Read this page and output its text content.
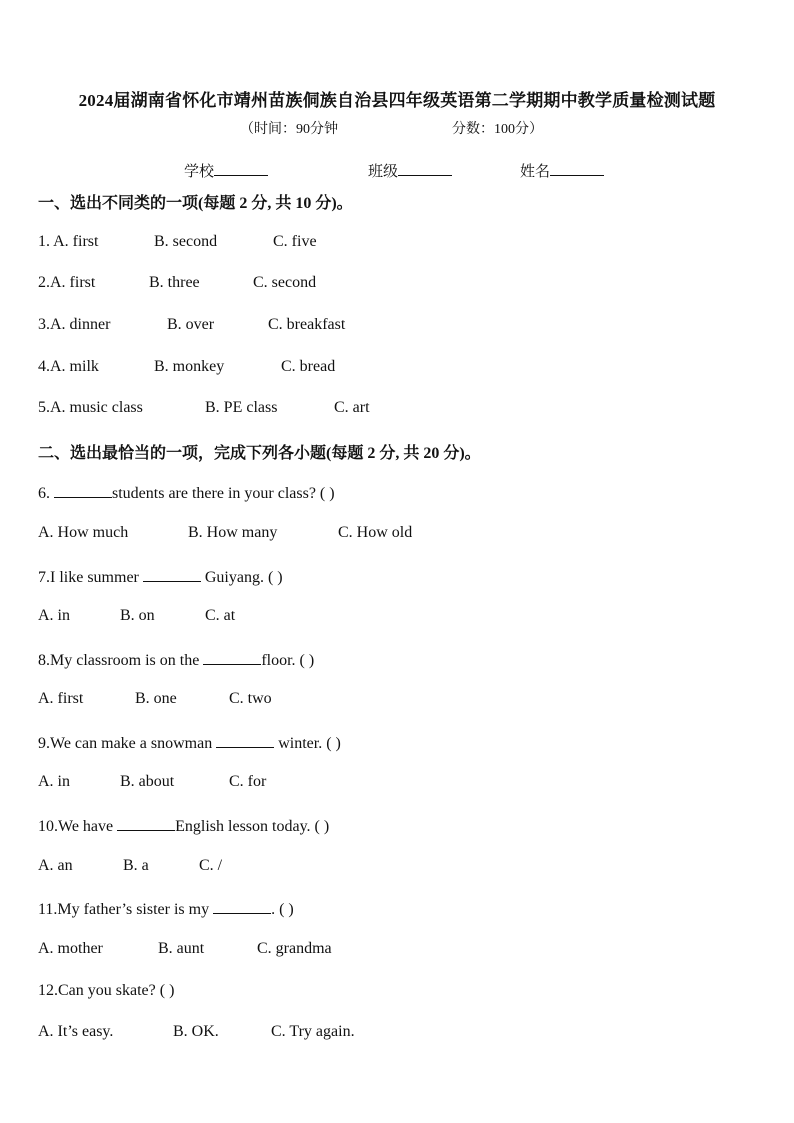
2024届湖南省怀化市靖州苗族侗族自治县四年级英语第二学期期中教学质量检测试题
（时间：90分钟	分数：100分）
学校	班级	姓名
一、选出不同类的一项(每题 2 分, 共 10 分)。
1. A. first	B. second	C. five
2.A. first	B. three	C. second
3.A. dinner	B. over	C. breakfast
4.A. milk	B. monkey	C. bread
5.A. music class	B. PE class	C. art
二、选出最恰当的一项，完成下列各小题(每题 2 分, 共 20 分)。
6.	students are there in your class? ( )
A. How much	B. How many	C. How old
7.I like summer	Guiyang. ( )
A. in	B. on	C. at
8.My classroom is on the	floor. ( )
A. first	B. one	C. two
9.We can make a snowman	winter. ( )
A. in	B. about	C. for
10.We have	English lesson today. ( )
A. an	B. a	C. /
11.My father’s sister is my	. ( )
A. mother	B. aunt	C. grandma
12.Can you skate? ( )
A. It’s easy.	B. OK.	C. Try again.
